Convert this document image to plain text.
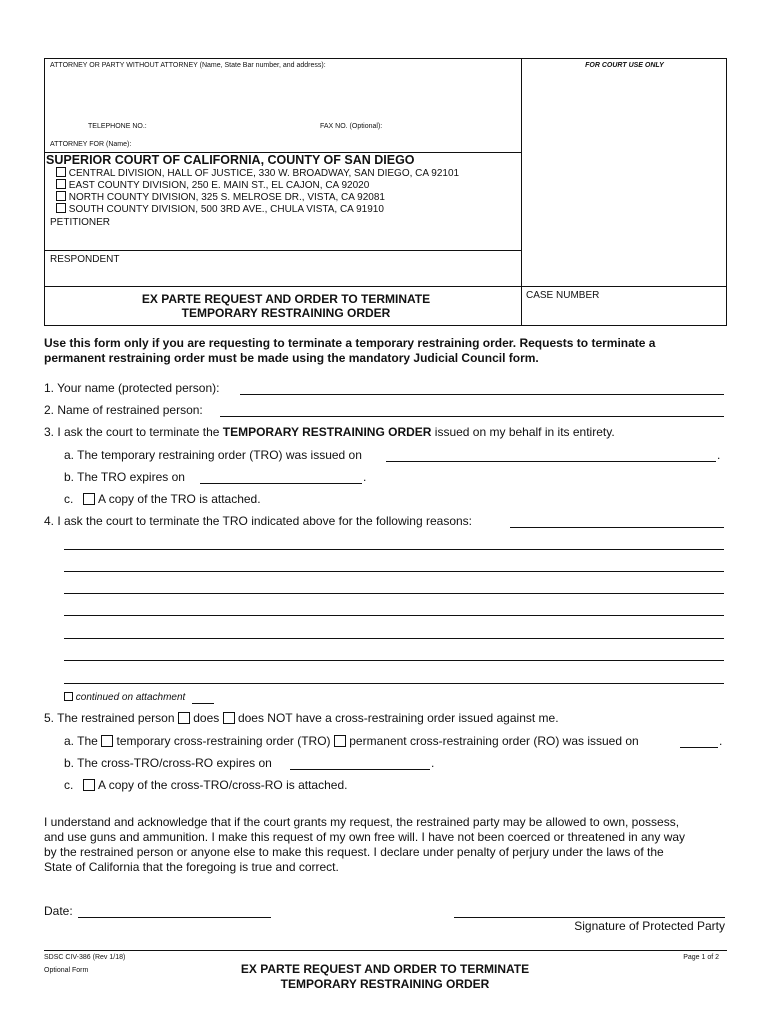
ATTORNEY OR PARTY WITHOUT ATTORNEY (Name, State Bar number, and address):	FOR COURT USE ONLY
TELEPHONE NO.:	FAX NO. (Optional):
ATTORNEY FOR (Name):
SUPERIOR COURT OF CALIFORNIA, COUNTY OF SAN DIEGO
CENTRAL DIVISION, HALL OF JUSTICE, 330 W. BROADWAY, SAN DIEGO, CA 92101
EAST COUNTY DIVISION, 250 E. MAIN ST., EL CAJON, CA 92020
NORTH COUNTY DIVISION, 325 S. MELROSE DR., VISTA, CA 92081
SOUTH COUNTY DIVISION, 500 3RD AVE., CHULA VISTA, CA 91910
PETITIONER
RESPONDENT
EX PARTE REQUEST AND ORDER TO TERMINATE
TEMPORARY RESTRAINING ORDER
CASE NUMBER
Use this form only if you are requesting to terminate a temporary restraining order. Requests to terminate a
permanent restraining order must be made using the mandatory Judicial Council form.
1. Your name (protected person):
2. Name of restrained person:
3. I ask the court to terminate the TEMPORARY RESTRAINING ORDER issued on my behalf in its entirety.
a. The temporary restraining order (TRO) was issued on	.
b. The TRO expires on	.
c. A copy of the TRO is attached.
4. I ask the court to terminate the TRO indicated above for the following reasons:
continued on attachment
5. The restrained person does does NOT have a cross-restraining order issued against me.
a. The temporary cross-restraining order (TRO) permanent cross-restraining order (RO) was issued on	.
b. The cross-TRO/cross-RO expires on	.
c. A copy of the cross-TRO/cross-RO is attached.
I understand and acknowledge that if the court grants my request, the restrained party may be allowed to own, possess,
and use guns and ammunition. I make this request of my own free will. I have not been coerced or threatened in any way
by the restrained person or anyone else to make this request. I declare under penalty of perjury under the laws of the
State of California that the foregoing is true and correct.
Date:
Signature of Protected Party
SDSC CIV-386 (Rev 1/18)
Optional Form	EX PARTE REQUEST AND ORDER TO TERMINATE
TEMPORARY RESTRAINING ORDER
Page 1 of 2
